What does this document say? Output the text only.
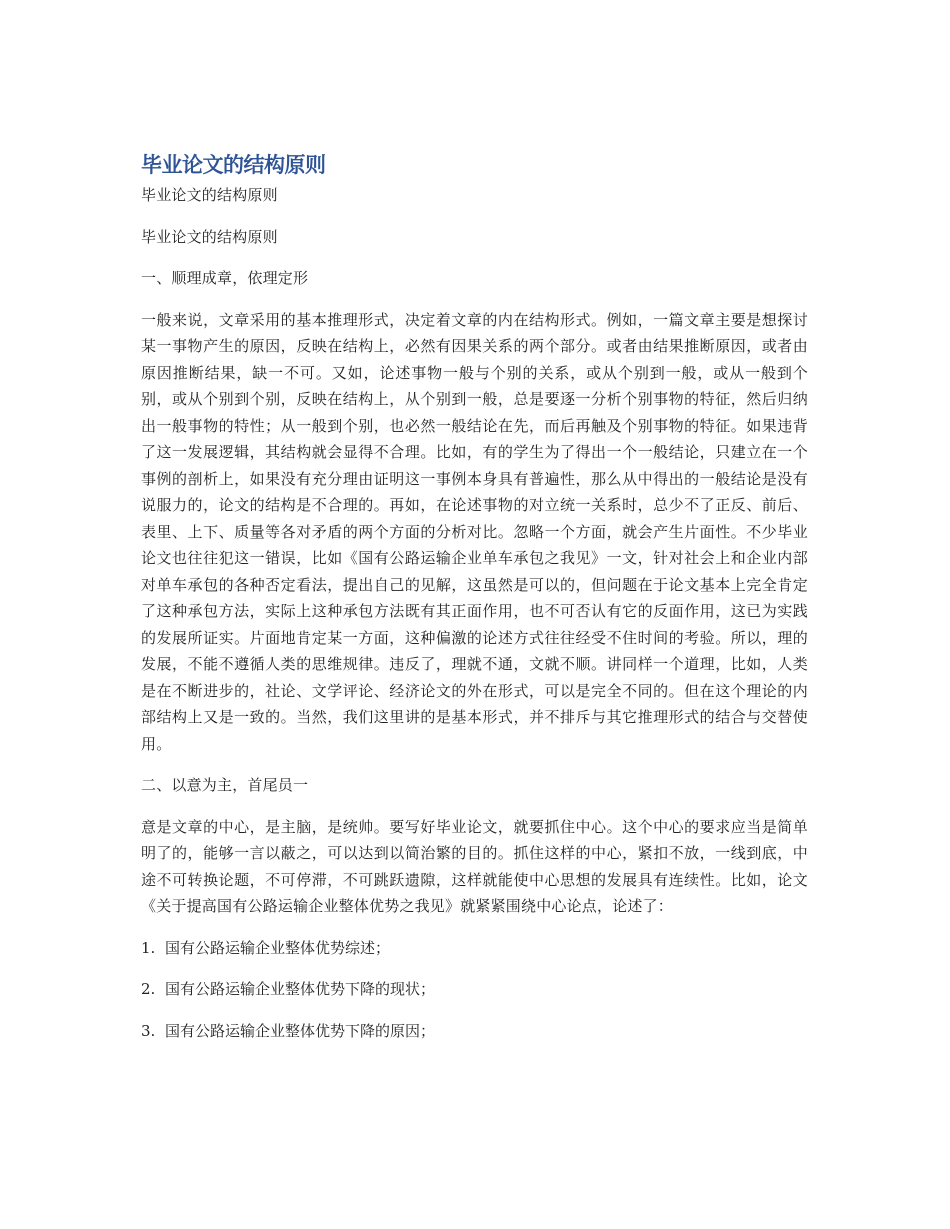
毕业论文的结构原则

毕业论文的结构原则

毕业论文的结构原则

一、顺理成章，依理定形

一般来说，文章采用的基本推理形式，决定着文章的内在结构形式。例如，一篇文章主要是想探讨某一事物产生的原因，反映在结构上，必然有因果关系的两个部分。或者由结果推断原因，或者由原因推断结果，缺一不可。又如，论述事物一般与个别的关系，或从个别到一般，或从一般到个别，或从个别到个别，反映在结构上，从个别到一般，总是要逐一分析个别事物的特征，然后归纳出一般事物的特性；从一般到个别，也必然一般结论在先，而后再触及个别事物的特征。如果违背了这一发展逻辑，其结构就会显得不合理。比如，有的学生为了得出一个一般结论，只建立在一个事例的剖析上，如果没有充分理由证明这一事例本身具有普遍性，那么从中得出的一般结论是没有说服力的，论文的结构是不合理的。再如，在论述事物的对立统一关系时，总少不了正反、前后、表里、上下、质量等各对矛盾的两个方面的分析对比。忽略一个方面，就会产生片面性。不少毕业论文也往往犯这一错误，比如《国有公路运输企业单车承包之我见》一文，针对社会上和企业内部对单车承包的各种否定看法，提出自己的见解，这虽然是可以的，但问题在于论文基本上完全肯定了这种承包方法，实际上这种承包方法既有其正面作用，也不可否认有它的反面作用，这已为实践的发展所证实。片面地肯定某一方面，这种偏激的论述方式往往经受不住时间的考验。所以，理的发展，不能不遵循人类的思维规律。违反了，理就不通，文就不顺。讲同样一个道理，比如，人类是在不断进步的，社论、文学评论、经济论文的外在形式，可以是完全不同的。但在这个理论的内部结构上又是一致的。当然，我们这里讲的是基本形式，并不排斥与其它推理形式的结合与交替使用。

二、以意为主，首尾员一

意是文章的中心，是主脑，是统帅。要写好毕业论文，就要抓住中心。这个中心的要求应当是简单明了的，能够一言以蔽之，可以达到以简治繁的目的。抓住这样的中心，紧扣不放，一线到底，中途不可转换论题，不可停滞，不可跳跃遗隙，这样就能使中心思想的发展具有连续性。比如，论文《关于提高国有公路运输企业整体优势之我见》就紧紧围绕中心论点，论述了：

1. 国有公路运输企业整体优势综述；

2. 国有公路运输企业整体优势下降的现状；

3. 国有公路运输企业整体优势下降的原因；
